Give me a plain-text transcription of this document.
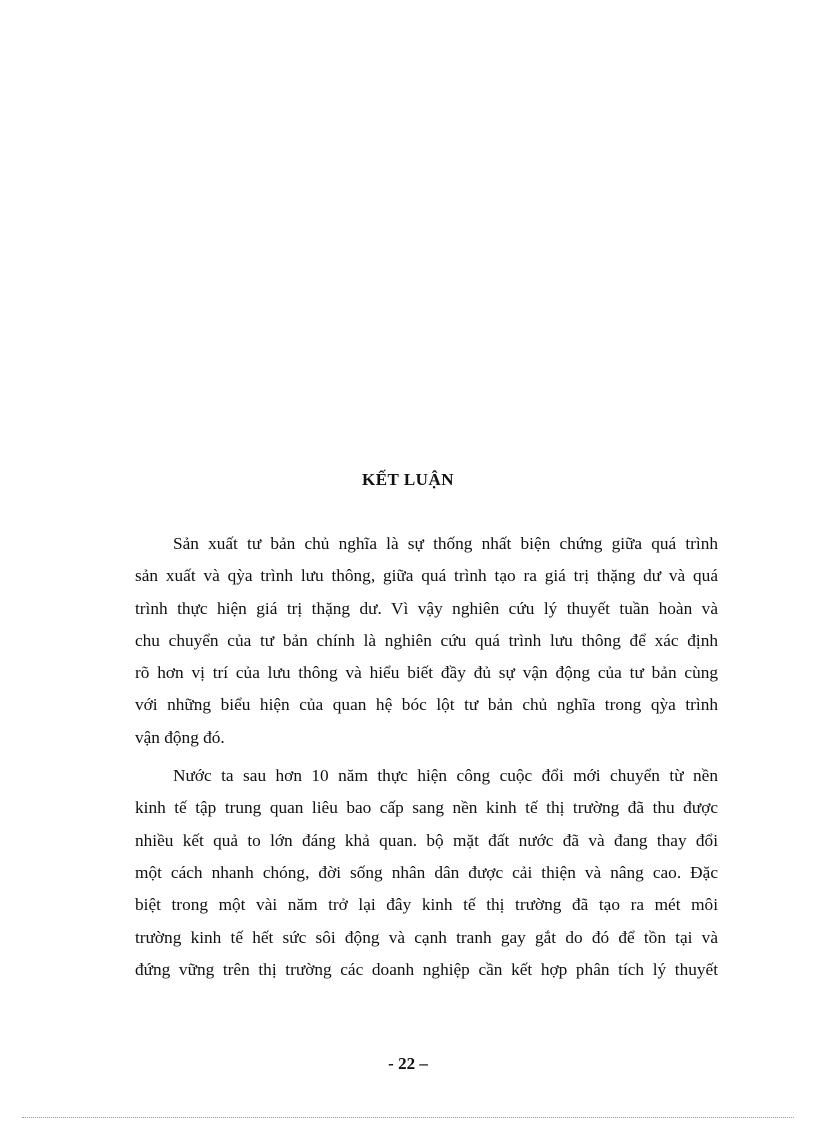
KẾT LUẬN

Sản xuất tư bản chủ nghĩa là sự thống nhất biện chứng giữa quá trình
sản xuất và qỳa trình lưu thông, giữa quá trình tạo ra giá trị thặng dư và quá
trình thực hiện giá trị thặng dư. Vì vậy nghiên cứu lý thuyết tuần hoàn và
chu chuyển của tư bản chính là nghiên cứu quá trình lưu thông để xác định
rõ hơn vị trí của lưu thông và hiểu biết đầy đủ sự vận động của tư bản cùng
với những biểu hiện của quan hệ bóc lột tư bản chủ nghĩa trong qỳa trình
vận động đó.

Nước ta sau hơn 10 năm thực hiện công cuộc đổi mới chuyển từ nền
kinh tế tập trung quan liêu bao cấp sang nền kinh tế thị trường đã thu được
nhiều kết quả to lớn đáng khả quan. bộ mặt đất nước đã và đang thay đổi
một cách nhanh chóng, đời sống nhân dân được cải thiện và nâng cao. Đặc
biệt trong một vài năm trở lại đây kinh tế thị trường đã tạo ra mét môi
trường kinh tế hết sức sôi động và cạnh tranh gay gắt do đó để tồn tại và
đứng vững trên thị trường các doanh nghiệp cần kết hợp phân tích lý thuyết

- 22 –
